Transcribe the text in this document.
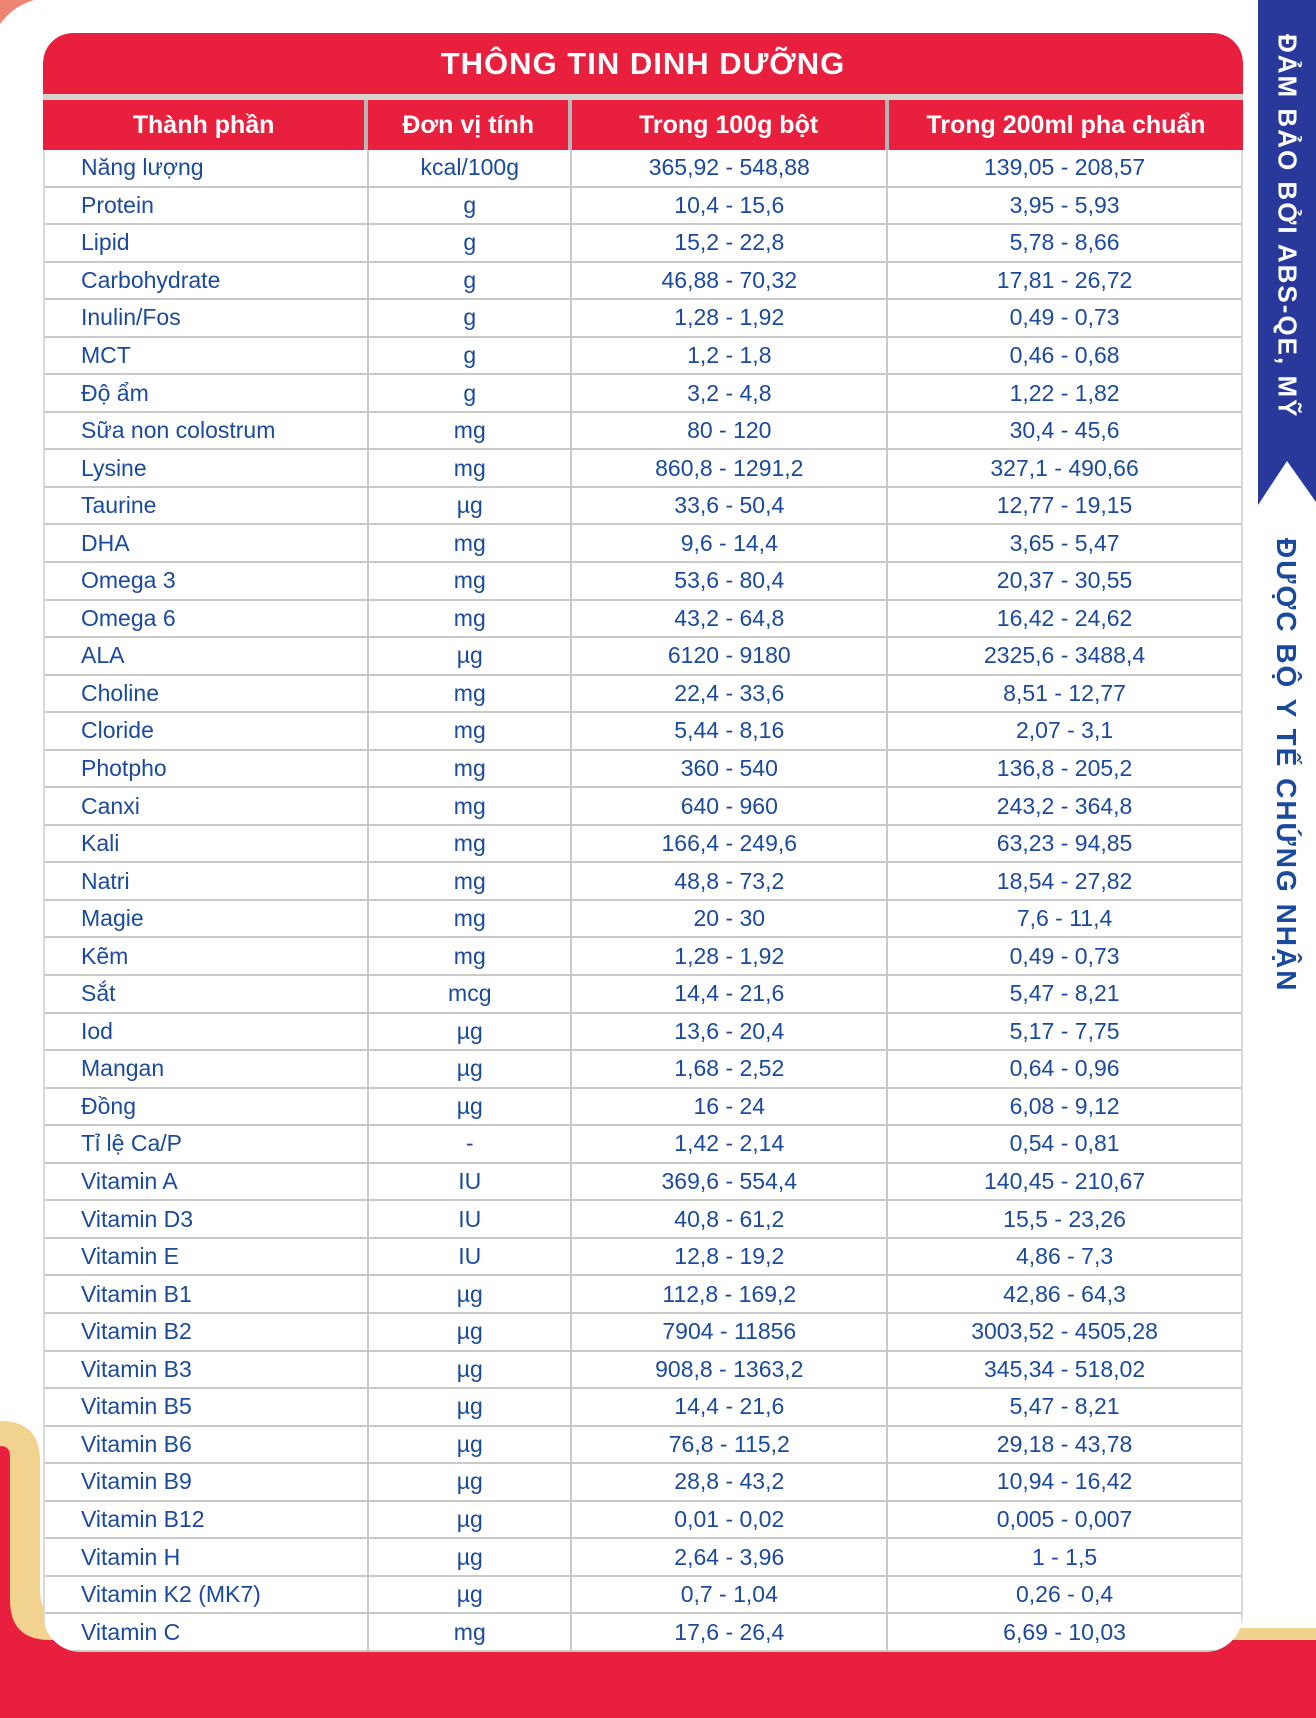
THÔNG TIN DINH DƯỠNG
Thành phần	Đơn vị tính	Trong 100g bột	Trong 200ml pha chuẩn
Năng lượng	kcal/100g	365,92 - 548,88	139,05 - 208,57
Protein	g	10,4 - 15,6	3,95 - 5,93
Lipid	g	15,2 - 22,8	5,78 - 8,66
Carbohydrate	g	46,88 - 70,32	17,81 - 26,72
Inulin/Fos	g	1,28 - 1,92	0,49 - 0,73
MCT	g	1,2 - 1,8	0,46 - 0,68
Độ ẩm	g	3,2 - 4,8	1,22 - 1,82
Sữa non colostrum	mg	80 - 120	30,4 - 45,6
Lysine	mg	860,8 - 1291,2	327,1 - 490,66
Taurine	µg	33,6 - 50,4	12,77 - 19,15
DHA	mg	9,6 - 14,4	3,65 - 5,47
Omega 3	mg	53,6 - 80,4	20,37 - 30,55
Omega 6	mg	43,2 - 64,8	16,42 - 24,62
ALA	µg	6120 - 9180	2325,6 - 3488,4
Choline	mg	22,4 - 33,6	8,51 - 12,77
Cloride	mg	5,44 - 8,16	2,07 - 3,1
Photpho	mg	360 - 540	136,8 - 205,2
Canxi	mg	640 - 960	243,2 - 364,8
Kali	mg	166,4 - 249,6	63,23 - 94,85
Natri	mg	48,8 - 73,2	18,54 - 27,82
Magie	mg	20 - 30	7,6 - 11,4
Kẽm	mg	1,28 - 1,92	0,49 - 0,73
Sắt	mcg	14,4 - 21,6	5,47 - 8,21
Iod	µg	13,6 - 20,4	5,17 - 7,75
Mangan	µg	1,68 - 2,52	0,64 - 0,96
Đồng	µg	16 - 24	6,08 - 9,12
Tỉ lệ Ca/P	-	1,42 - 2,14	0,54 - 0,81
Vitamin A	IU	369,6 - 554,4	140,45 - 210,67
Vitamin D3	IU	40,8 - 61,2	15,5 - 23,26
Vitamin E	IU	12,8 - 19,2	4,86 - 7,3
Vitamin B1	µg	112,8 - 169,2	42,86 - 64,3
Vitamin B2	µg	7904 - 11856	3003,52 - 4505,28
Vitamin B3	µg	908,8 - 1363,2	345,34 - 518,02
Vitamin B5	µg	14,4 - 21,6	5,47 - 8,21
Vitamin B6	µg	76,8 - 115,2	29,18 - 43,78
Vitamin B9	µg	28,8 - 43,2	10,94 - 16,42
Vitamin B12	µg	0,01 - 0,02	0,005 - 0,007
Vitamin H	µg	2,64 - 3,96	1 - 1,5
Vitamin K2 (MK7)	µg	0,7 - 1,04	0,26 - 0,4
Vitamin C	mg	17,6 - 26,4	6,69 - 10,03
ĐẢM BẢO BỞI ABS-QE, MỸ
ĐƯỢC BỘ Y TẾ CHỨNG NHẬN
